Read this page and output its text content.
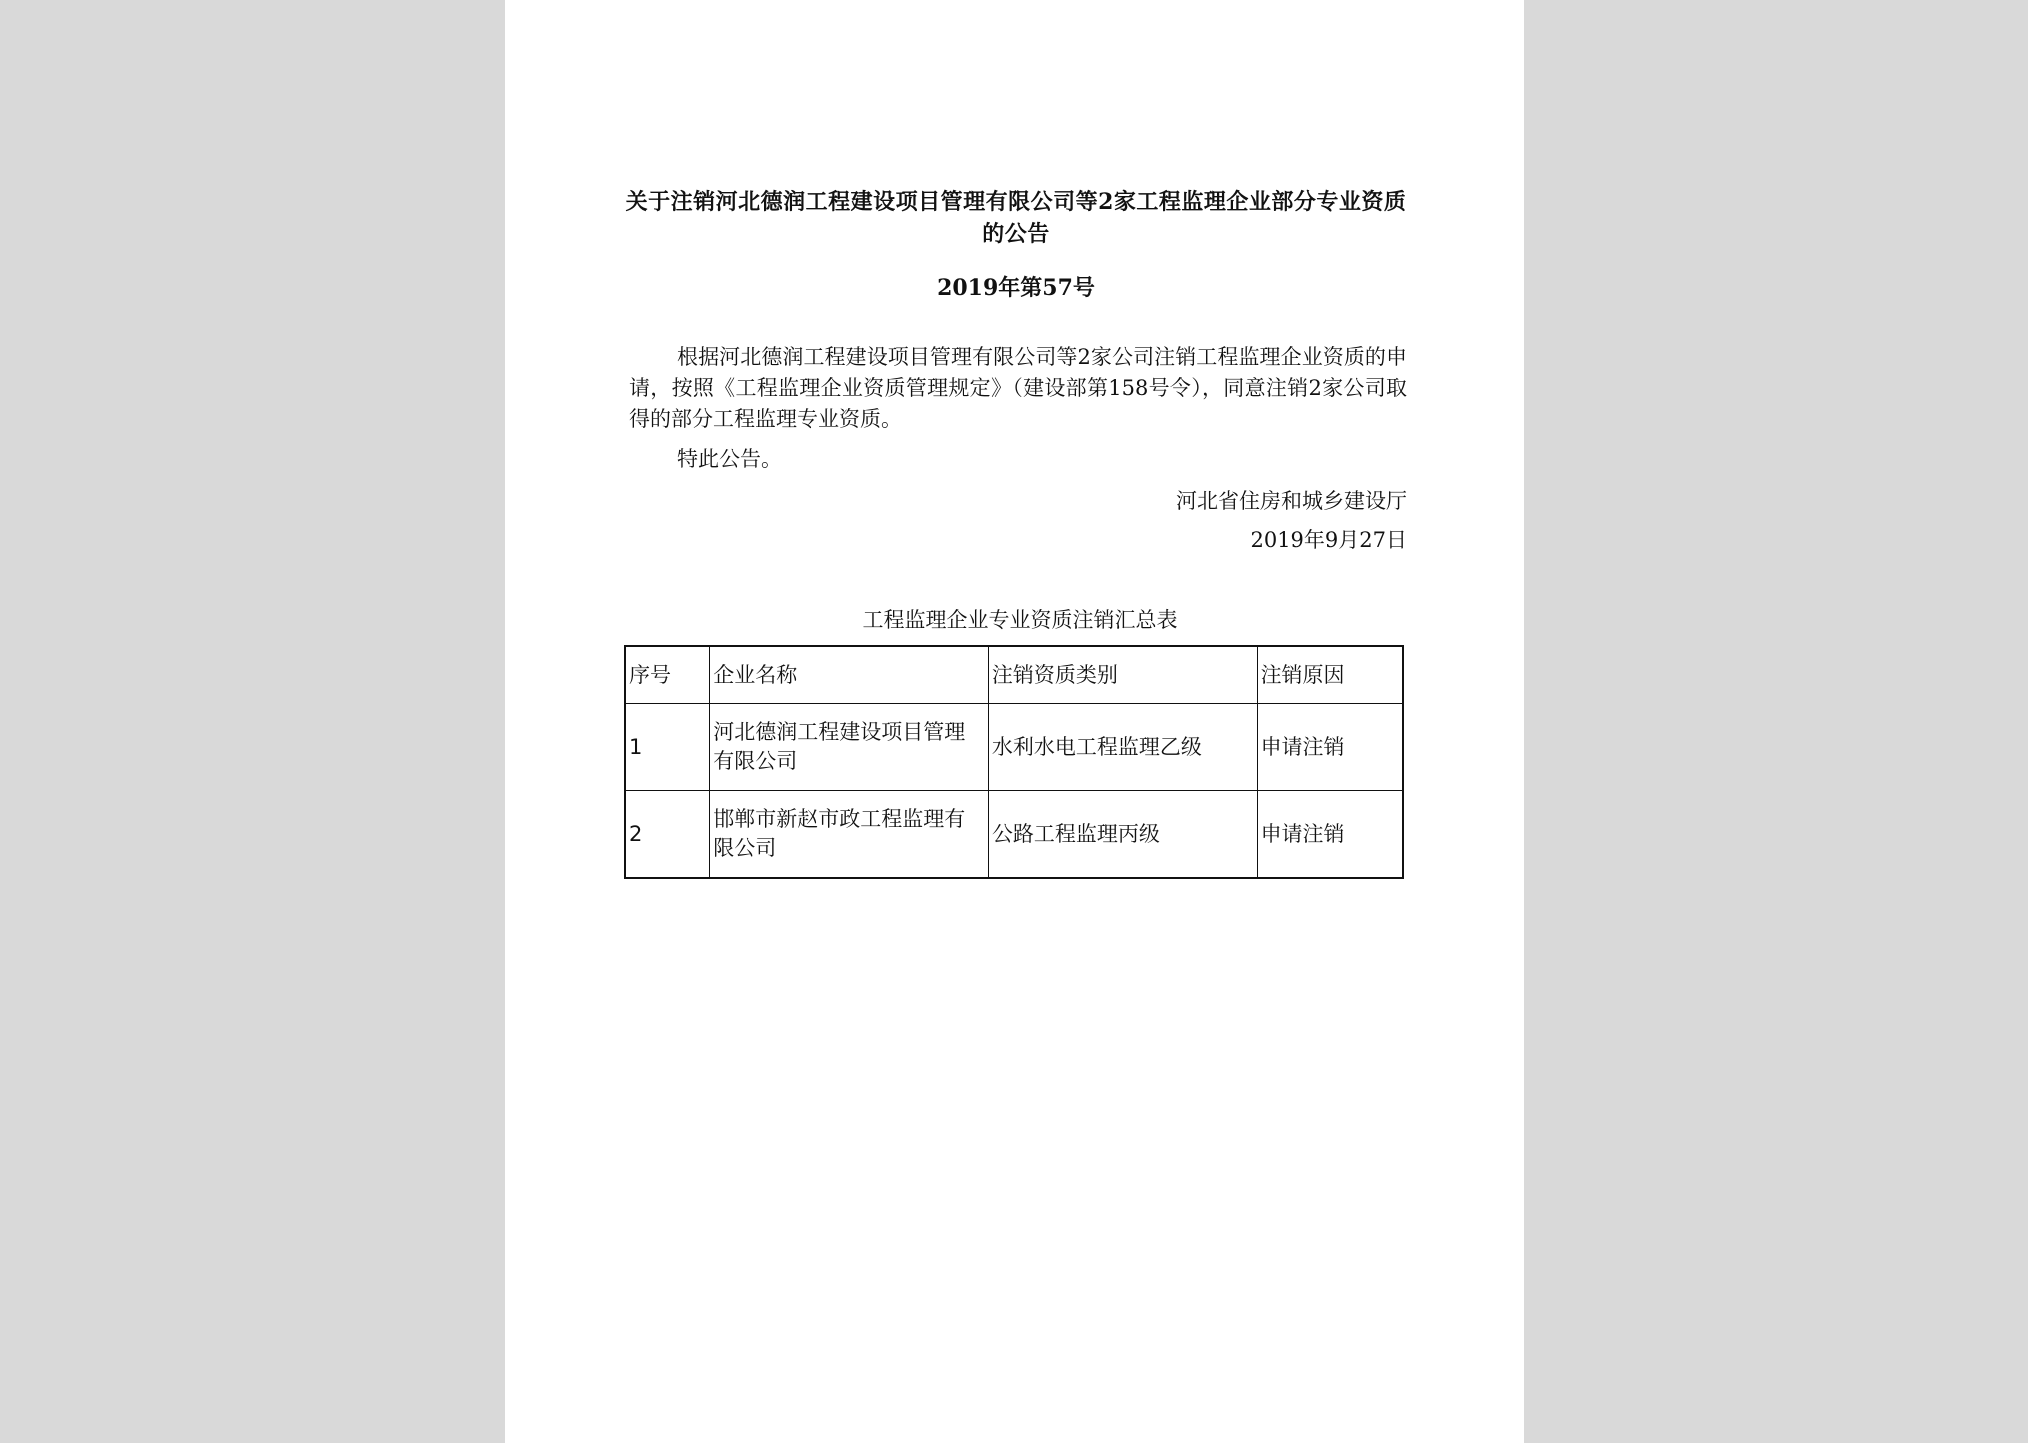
关于注销河北德润工程建设项目管理有限公司等2家工程监理企业部分专业资质的公告
2019年第57号
根据河北德润工程建设项目管理有限公司等2家公司注销工程监理企业资质的申请，按照《工程监理企业资质管理规定》（建设部第158号令），同意注销2家公司取得的部分工程监理专业资质。
特此公告。
河北省住房和城乡建设厅
2019年9月27日
工程监理企业专业资质注销汇总表
序号	企业名称	注销资质类别	注销原因
1	河北德润工程建设项目管理有限公司	水利水电工程监理乙级	申请注销
2	邯郸市新赵市政工程监理有限公司	公路工程监理丙级	申请注销
